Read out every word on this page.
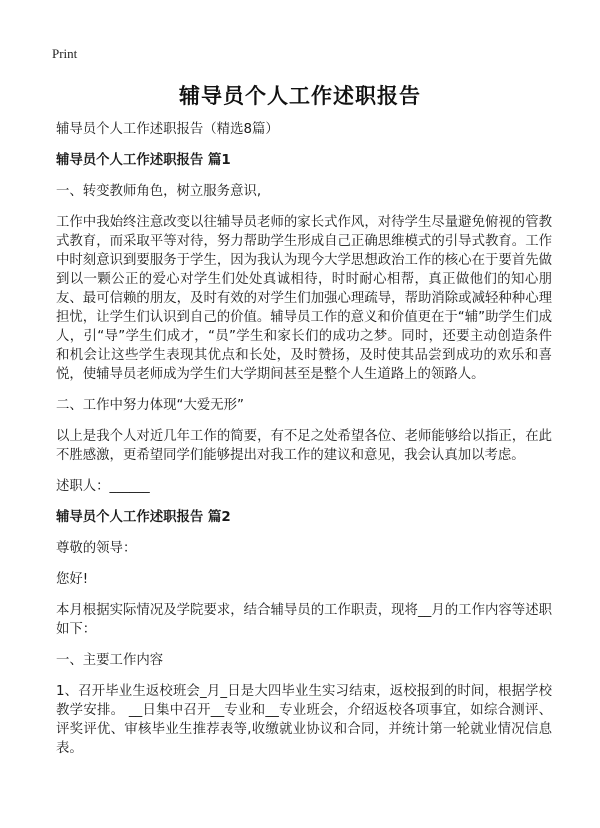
Print
辅导员个人工作述职报告

辅导员个人工作述职报告（精选8篇）

辅导员个人工作述职报告 篇1

一、转变教师角色，树立服务意识,

工作中我始终注意改变以往辅导员老师的家长式作风，对待学生尽量避免俯视的管教式教育，而采取平等对待，努力帮助学生形成自己正确思维模式的引导式教育。工作中时刻意识到要服务于学生，因为我认为现今大学思想政治工作的核心在于要首先做到以一颗公正的爱心对学生们处处真诚相待，时时耐心相帮，真正做他们的知心朋友、最可信赖的朋友，及时有效的对学生们加强心理疏导，帮助消除或减轻种种心理担忧，让学生们认识到自己的价值。辅导员工作的意义和价值更在于“辅”助学生们成人，引“导”学生们成才，“员”学生和家长们的成功之梦。同时，还要主动创造条件和机会让这些学生表现其优点和长处，及时赞扬，及时使其品尝到成功的欢乐和喜悦，使辅导员老师成为学生们大学期间甚至是整个人生道路上的领路人。

二、工作中努力体现“大爱无形”

以上是我个人对近几年工作的简要，有不足之处希望各位、老师能够给以指正，在此不胜感激，更希望同学们能够提出对我工作的建议和意见，我会认真加以考虑。

述职人：______

辅导员个人工作述职报告 篇2

尊敬的领导：

您好!

本月根据实际情况及学院要求，结合辅导员的工作职责，现将__月的工作内容等述职如下：

一、主要工作内容

1、召开毕业生返校班会_月_日是大四毕业生实习结束，返校报到的时间，根据学校教学安排。 __日集中召开__专业和__专业班会，介绍返校各项事宜，如综合测评、评奖评优、审核毕业生推荐表等,收缴就业协议和合同，并统计第一轮就业情况信息表。
